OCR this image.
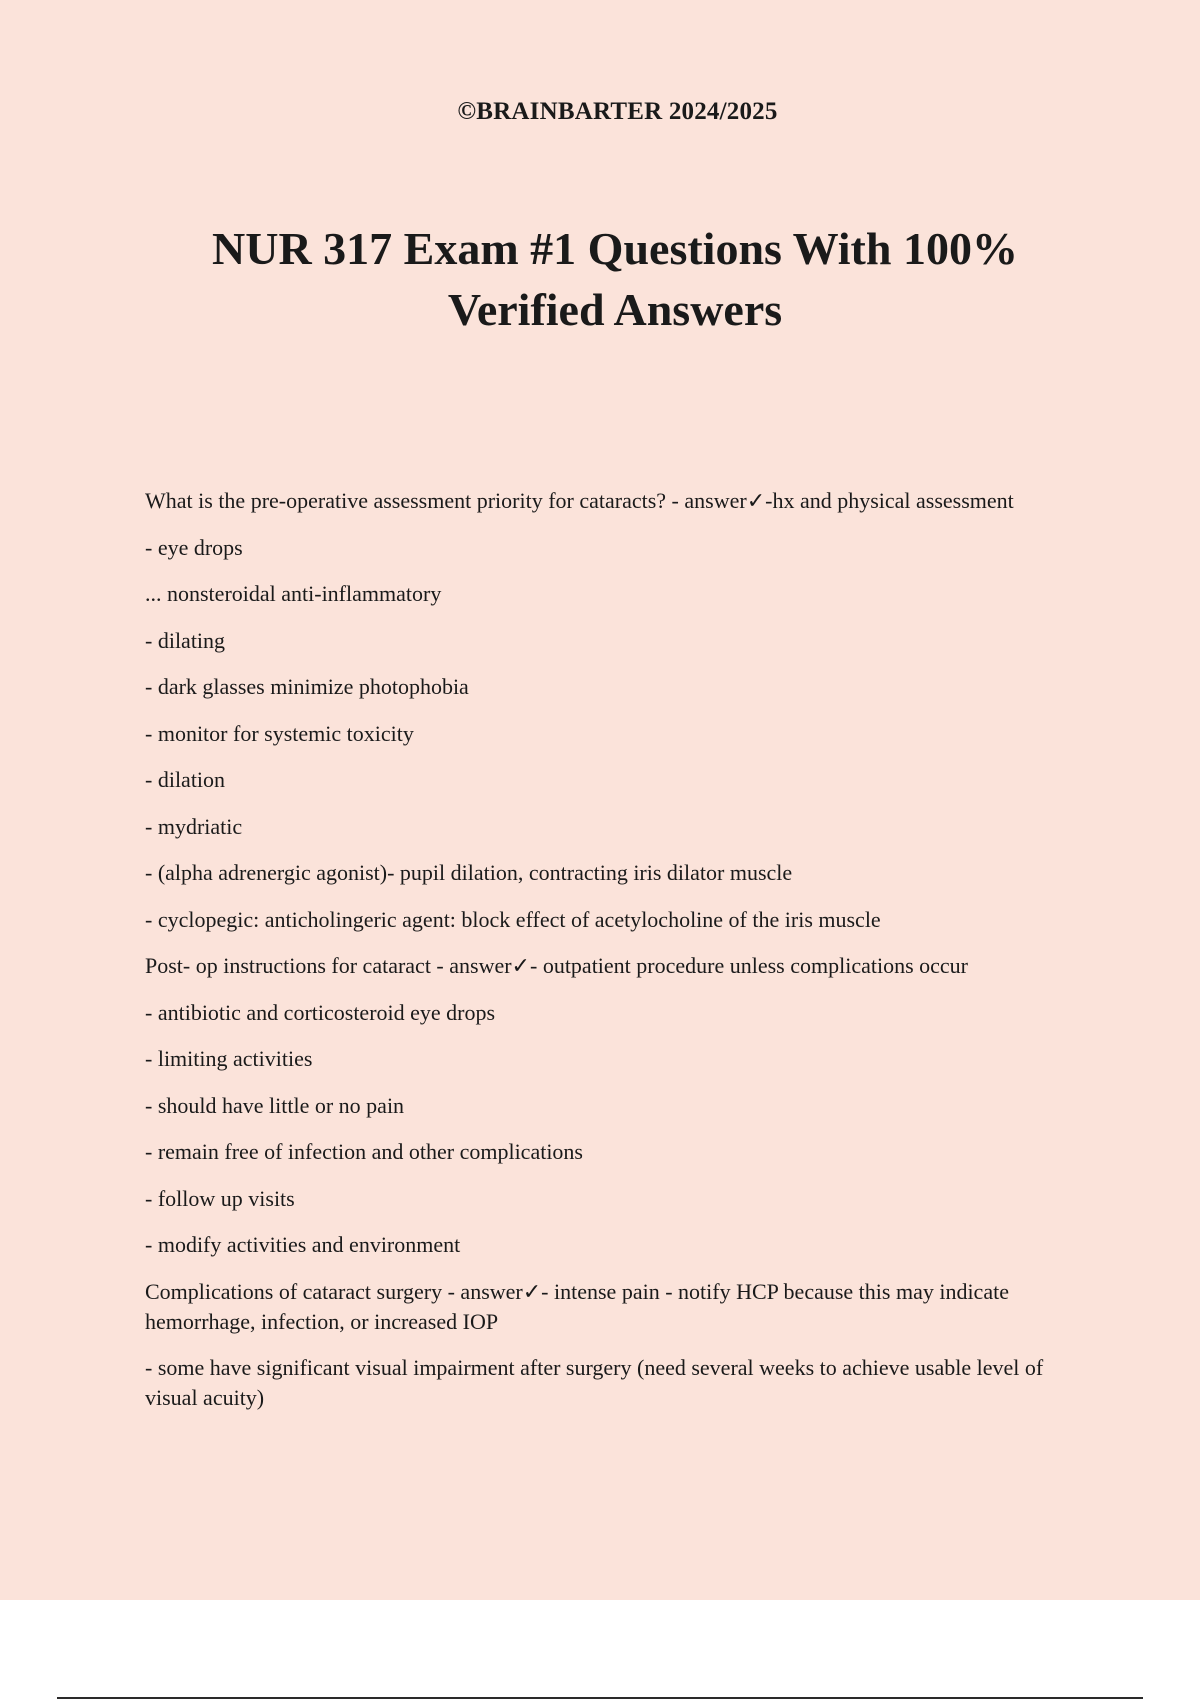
©BRAINBARTER 2024/2025
NUR 317 Exam #1 Questions With 100%
Verified Answers

What is the pre-operative assessment priority for cataracts? - answer✓-hx and physical assessment

- eye drops

... nonsteroidal anti-inflammatory

- dilating

- dark glasses minimize photophobia

- monitor for systemic toxicity

- dilation

- mydriatic

- (alpha adrenergic agonist)- pupil dilation, contracting iris dilator muscle

- cyclopegic: anticholingeric agent: block effect of acetylocholine of the iris muscle

Post- op instructions for cataract - answer✓- outpatient procedure unless complications occur

- antibiotic and corticosteroid eye drops

- limiting activities

- should have little or no pain

- remain free of infection and other complications

- follow up visits

- modify activities and environment

Complications of cataract surgery - answer✓- intense pain - notify HCP because this may indicate hemorrhage, infection, or increased IOP

- some have significant visual impairment after surgery (need several weeks to achieve usable level of visual acuity)
